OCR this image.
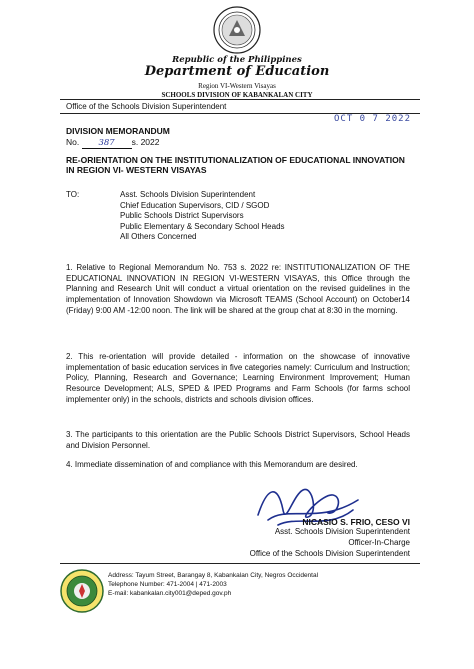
Republic of the Philippines
Department of Education
Region VI-Western Visayas
SCHOOLS DIVISION OF KABANKALAN CITY
Office of the Schools Division Superintendent
OCT 0 7 2022
DIVISION MEMORANDUM
No. 387 s. 2022
RE-ORIENTATION ON THE INSTITUTIONALIZATION OF EDUCATIONAL INNOVATION IN REGION VI- WESTERN VISAYAS
TO:	Asst. Schools Division Superintendent
Chief Education Supervisors, CID / SGOD
Public Schools District Supervisors
Public Elementary & Secondary School Heads
All Others Concerned
1. Relative to Regional Memorandum No. 753 s. 2022 re: INSTITUTIONALIZATION OF THE EDUCATIONAL INNOVATION IN REGION VI-WESTERN VISAYAS, this Office through the Planning and Research Unit will conduct a virtual orientation on the revised guidelines in the implementation of Innovation Showdown via Microsoft TEAMS (School Account) on October14 (Friday) 9:00 AM -12:00 noon. The link will be shared at the group chat at 8:30 in the morning.
2. This re-orientation will provide detailed - information on the showcase of innovative implementation of basic education services in five categories namely: Curriculum and Instruction; Policy, Planning, Research and Governance; Learning Environment Improvement; Human Resource Development; ALS, SPED & IPED Programs and Farm Schools (for farms school implementer only) in the schools, districts and schools division offices.
3. The participants to this orientation are the Public Schools District Supervisors, School Heads and Division Personnel.
4. Immediate dissemination of and compliance with this Memorandum are desired.
NICASIO S. FRIO, CESO VI
Asst. Schools Division Superintendent
Officer-In-Charge
Office of the Schools Division Superintendent
Address: Tayum Street, Barangay 8, Kabankalan City, Negros Occidental
Telephone Number: 471-2004 | 471-2003
E-mail: kabankalan.city001@deped.gov.ph
